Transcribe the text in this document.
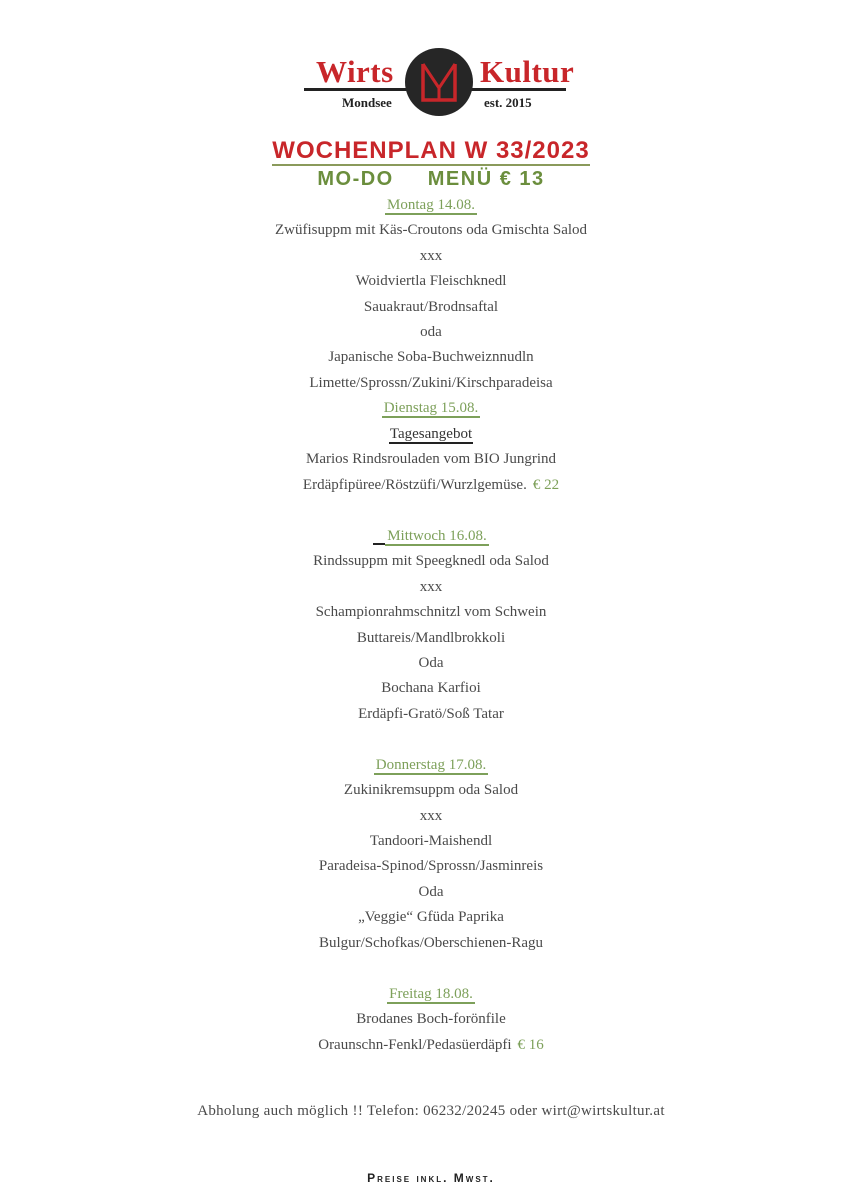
Wirts	Kultur
Mondsee	est. 2015
WOCHENPLAN W 33/2023
MO-DO MENÜ € 13
Montag 14.08.
Zwüfisuppm mit Käs-Croutons oda Gmischta Salod
xxx
Woidviertla Fleischknedl
Sauakraut/Brodnsaftal
oda
Japanische Soba-Buchweiznnudln
Limette/Sprossn/Zukini/Kirschparadeisa
Dienstag 15.08.
Tagesangebot
Marios Rindsrouladen vom BIO Jungrind
Erdäpfipüree/Röstzüfi/Wurzlgemüse. € 22
Mittwoch 16.08.
Rindssuppm mit Speegknedl oda Salod
xxx
Schampionrahmschnitzl vom Schwein
Buttareis/Mandlbrokkoli
Oda
Bochana Karfioi
Erdäpfi-Gratö/Soß Tatar
Donnerstag 17.08.
Zukinikremsuppm oda Salod
xxx
Tandoori-Maishendl
Paradeisa-Spinod/Sprossn/Jasminreis
Oda
„Veggie“ Gfüda Paprika
Bulgur/Schofkas/Oberschienen-Ragu
Freitag 18.08.
Brodanes Boch-forönfile
Oraunschn-Fenkl/Pedasüerdäpfi € 16
Abholung auch möglich !! Telefon: 06232/20245 oder wirt@wirtskultur.at
Preise inkl. Mwst.
